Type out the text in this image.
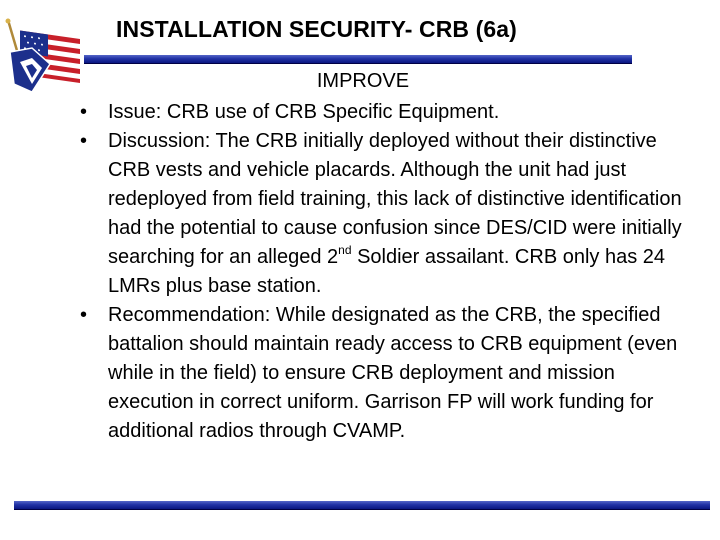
INSTALLATION SECURITY- CRB (6a)
IMPROVE
• Issue: CRB use of CRB Specific Equipment.
• Discussion: The CRB initially deployed without their distinctive CRB vests and vehicle placards. Although the unit had just redeployed from field training, this lack of distinctive identification had the potential to cause confusion since DES/CID were initially searching for an alleged 2nd Soldier assailant. CRB only has 24 LMRs plus base station.
• Recommendation: While designated as the CRB, the specified battalion should maintain ready access to CRB equipment (even while in the field) to ensure CRB deployment and mission execution in correct uniform. Garrison FP will work funding for additional radios through CVAMP.
